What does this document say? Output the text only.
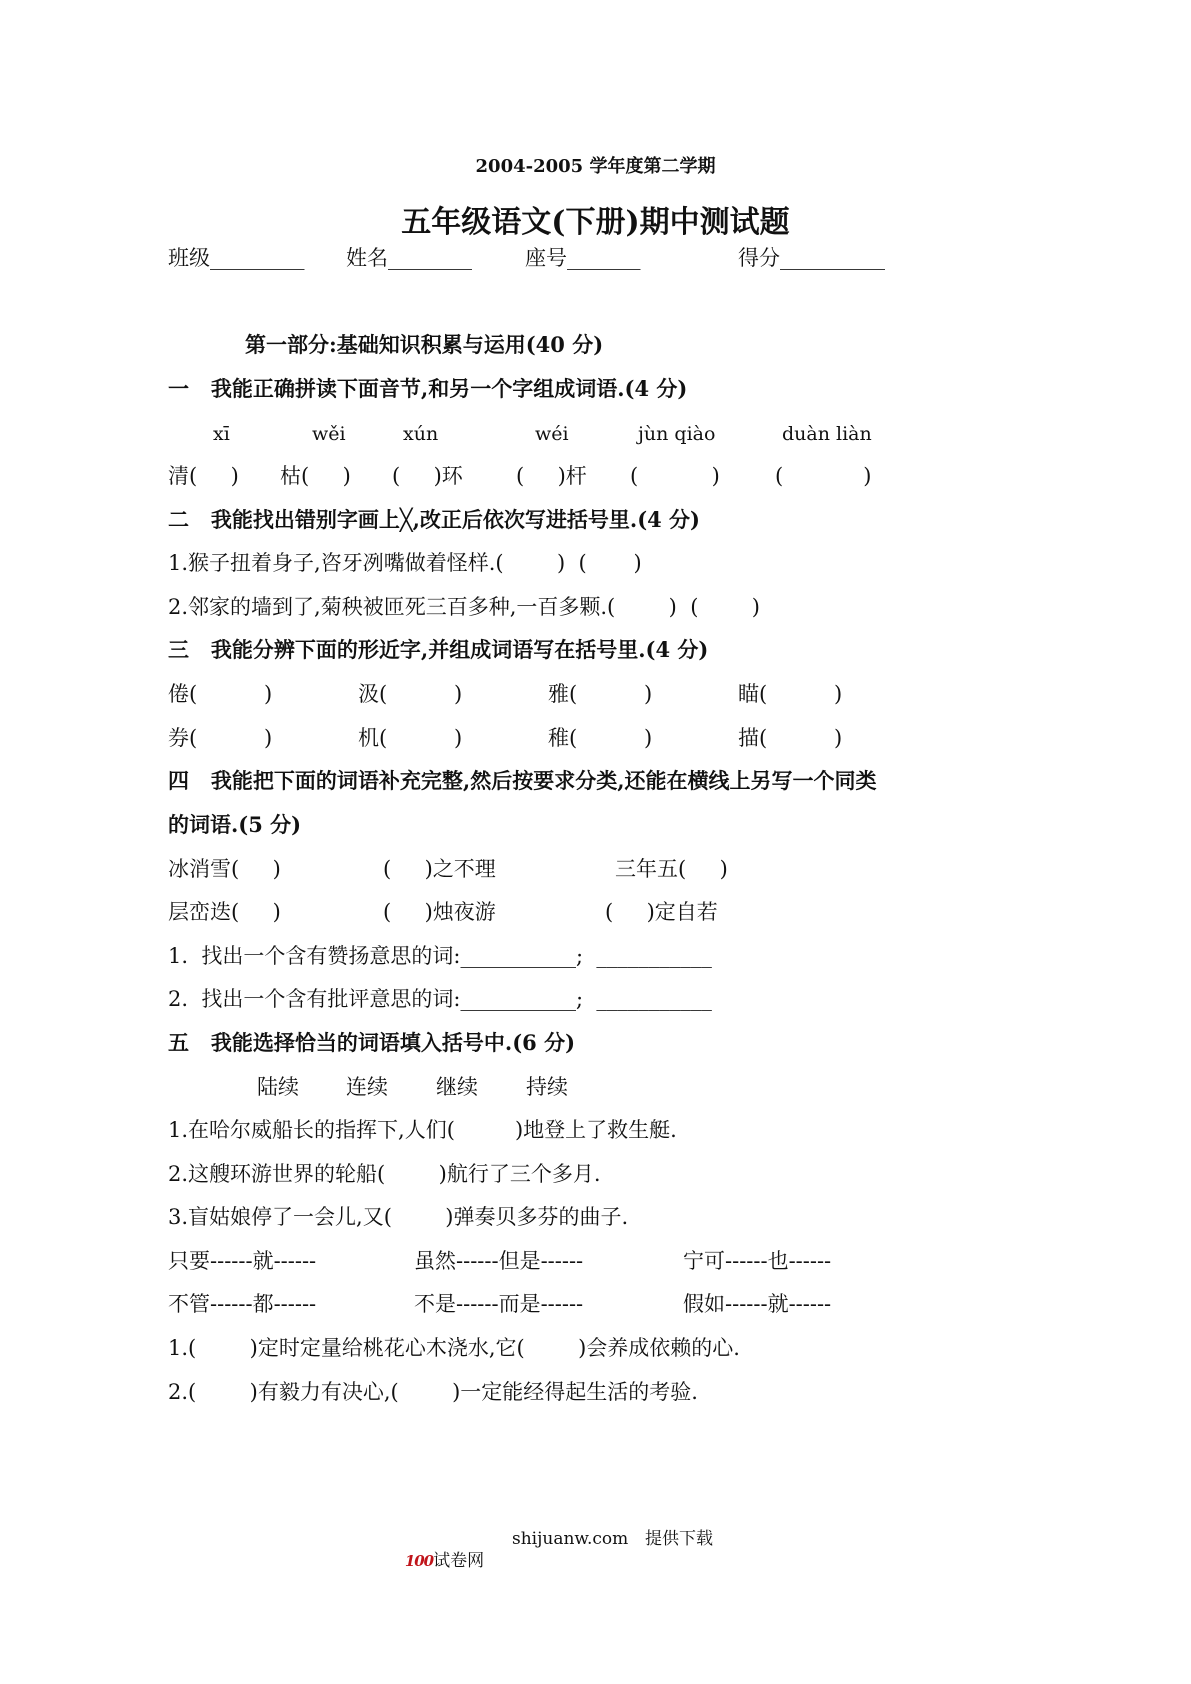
2004-2005 学年度第二学期
五年级语文(下册)期中测试题
班级_________ 姓名________	座号_______	得分__________
第一部分:基础知识积累与运用(40 分)
一   我能正确拼读下面音节,和另一个字组成词语.(4 分)
xī	wěi	xún	wéi	jùn qiào	duàn liàn
清(     ) 枯(     ) (     )环	(     )杆 (           )	(            )
二   我能找出错别字画上╳,改正后依次写进括号里.(4 分)
1.猴子扭着身子,咨牙冽嘴做着怪样.(        )  (       )
2.邻家的墙到了,菊秧被匝死三百多种,一百多颗.(        )  (        )
三   我能分辨下面的形近字,并组成词语写在括号里.(4 分)
倦(          )	汲(          )	雅(          )	瞄(          )
券(          )	机(          )	稚(          )	描(          )
四   我能把下面的词语补充完整,然后按要求分类,还能在横线上另写一个同类
的词语.(5 分)
冰消雪(     )	(     )之不理	三年五(     )
层峦迭(     )	(     )烛夜游	(     )定自若
1.  找出一个含有赞扬意思的词:___________;  ___________
2.  找出一个含有批评意思的词:___________;  ___________
五   我能选择恰当的词语填入括号中.(6 分)
陆续 连续 继续 持续
1.在哈尔威船长的指挥下,人们(         )地登上了救生艇.
2.这艘环游世界的轮船(        )航行了三个多月.
3.盲姑娘停了一会儿,又(        )弹奏贝多芬的曲子.
只要------就------	虽然------但是------	宁可------也------
不管------都------	不是------而是------	假如------就------
1.(        )定时定量给桃花心木浇水,它(        )会养成依赖的心.
2.(        )有毅力有决心,(        )一定能经得起生活的考验.

100试卷网

shijuanw.com 提供下载
